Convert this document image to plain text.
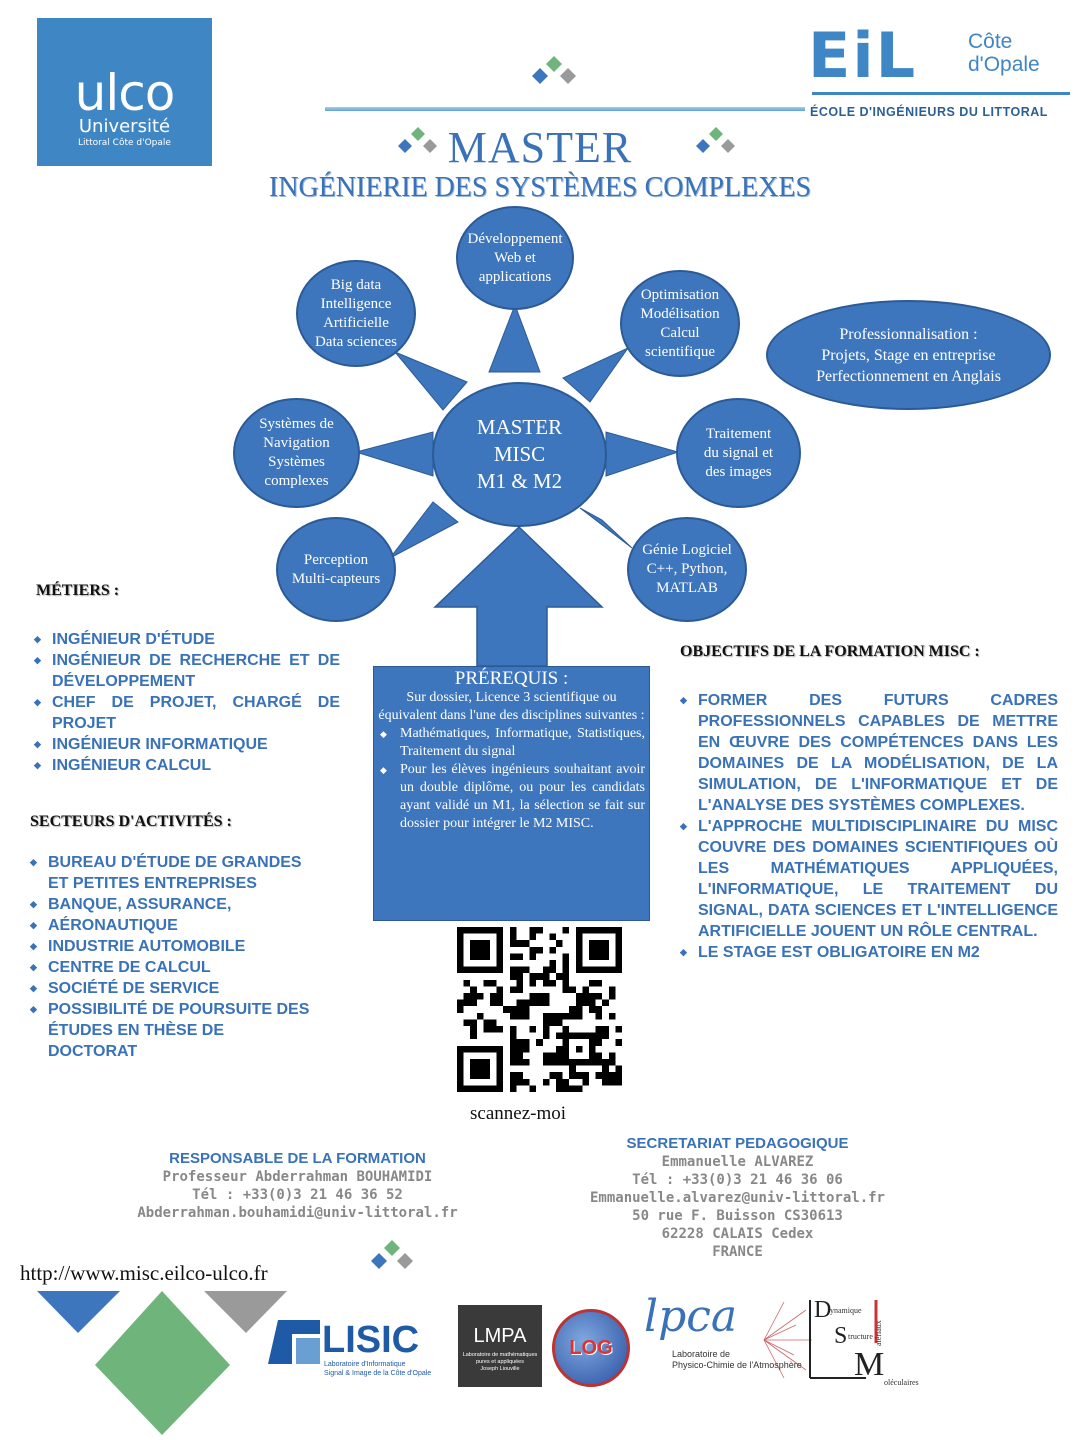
ulco
Université
Littoral Côte d'Opale
EiL Côte
d'Opale
ÉCOLE D'INGÉNIEURS DU LITTORAL
MASTER
INGÉNIERIE DES SYSTÈMES COMPLEXES
MASTER
MISC
M1 & M2
Développement
Web et
applications
Big data
Intelligence
Artificielle
Data sciences
Optimisation
Modélisation
Calcul
scientifique
Systèmes de
Navigation
Systèmes
complexes
Traitement
du signal et
des images
Perception
Multi-capteurs
Génie Logiciel
C++, Python,
MATLAB
Professionnalisation :
Projets, Stage en entreprise
Perfectionnement en Anglais
MÉTIERS :
◆ INGÉNIEUR D'ÉTUDE
◆ INGÉNIEUR DE RECHERCHE ET DE DÉVELOPPEMENT
◆ CHEF DE PROJET, CHARGÉ DE PROJET
◆ INGÉNIEUR INFORMATIQUE
◆ INGÉNIEUR CALCUL
SECTEURS D'ACTIVITÉS :
◆ BUREAU D'ÉTUDE DE GRANDES ET PETITES ENTREPRISES
◆ BANQUE, ASSURANCE,
◆ AÉRONAUTIQUE
◆ INDUSTRIE AUTOMOBILE
◆ CENTRE DE CALCUL
◆ SOCIÉTÉ DE SERVICE
◆ POSSIBILITÉ DE POURSUITE DES ÉTUDES EN THÈSE DE DOCTORAT
PRÉREQUIS :
Sur dossier, Licence 3 scientifique ou équivalent dans l'une des disciplines suivantes :
◆ Mathématiques, Informatique, Statistiques, Traitement du signal
◆ Pour les élèves ingénieurs souhaitant avoir un double diplôme, ou pour les candidats ayant validé un M1, la sélection se fait sur dossier pour intégrer le M2 MISC.
OBJECTIFS DE LA FORMATION MISC :
◆ FORMER DES FUTURS CADRES PROFESSIONNELS CAPABLES DE METTRE EN ŒUVRE DES COMPÉTENCES DANS LES DOMAINES DE LA MODÉLISATION, DE LA SIMULATION, DE L'INFORMATIQUE ET DE L'ANALYSE DES SYSTÈMES COMPLEXES.
◆ L'APPROCHE MULTIDISCIPLINAIRE DU MISC COUVRE DES DOMAINES SCIENTIFIQUES OÙ LES MATHÉMATIQUES APPLIQUÉES, L'INFORMATIQUE, LE TRAITEMENT DU SIGNAL, DATA SCIENCES ET L'INTELLIGENCE ARTIFICIELLE JOUENT UN RÔLE CENTRAL.
◆ LE STAGE EST OBLIGATOIRE EN M2
scannez-moi
RESPONSABLE DE LA FORMATION
Professeur Abderrahman BOUHAMIDI
Tél : +33(0)3 21 46 36 52
Abderrahman.bouhamidi@univ-littoral.fr
SECRETARIAT PEDAGOGIQUE
Emmanuelle ALVAREZ
Tél : +33(0)3 21 46 36 06
Emmanuelle.alvarez@univ-littoral.fr
50 rue F. Buisson CS30613
62228 CALAIS Cedex
FRANCE
http://www.misc.eilco-ulco.fr
LISIC
Laboratoire d'Informatique
Signal & Image de la Côte d'Opale
LMPA
Laboratoire de mathématiques
pures et appliquées
Joseph Liouville
LOG
lpca
Laboratoire de
Physico-Chimie de l'Atmosphère
D
ynamique
S tructure
M
atériaux
oléculaires
